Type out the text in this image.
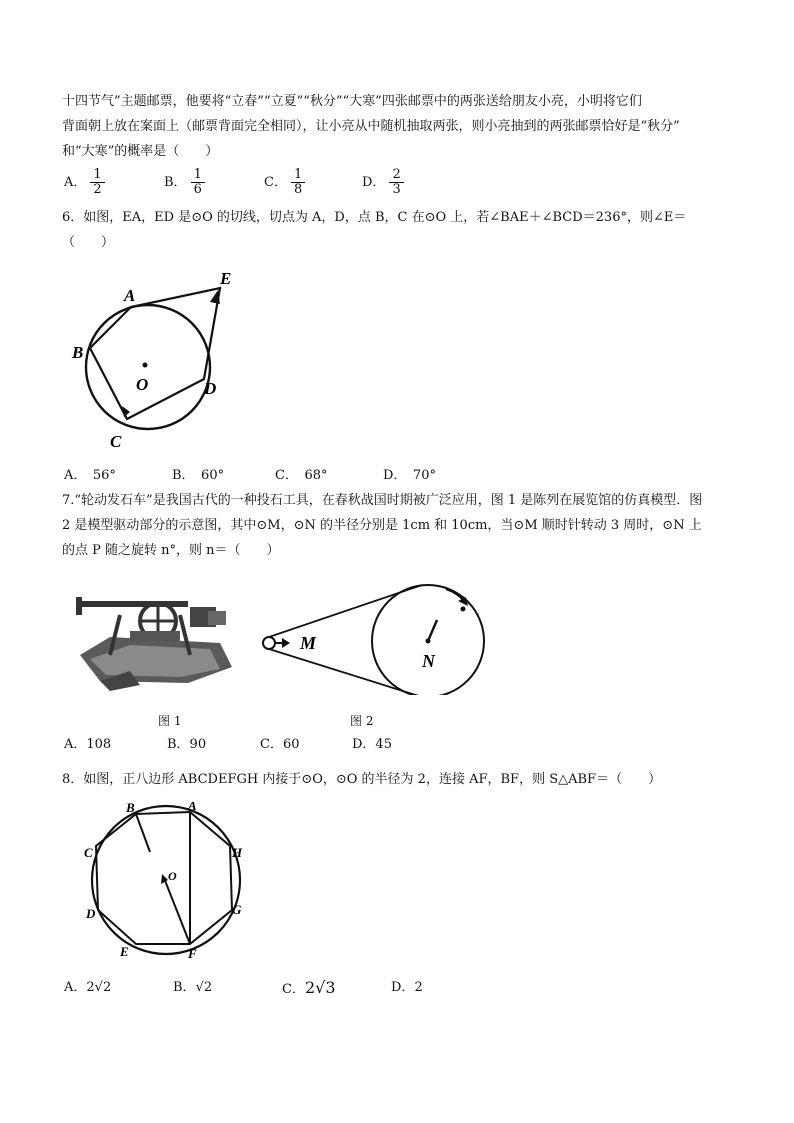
十四节气”主题邮票，他要将“立春”“立夏”“秋分”“大寒”四张邮票中的两张送给朋友小亮，小明将它们
背面朝上放在案面上（邮票背面完全相同），让小亮从中随机抽取两张，则小亮抽到的两张邮票恰好是“秋分”
和“大寒”的概率是（　　）
A． $\frac{1}{2}$	B． $\frac{1}{6}$	C． $\frac{1}{8}$	D． $\frac{2}{3}$
6．如图，EA，ED 是⊙O 的切线，切点为 A，D，点 B，C 在⊙O 上，若∠BAE＋∠BCD＝236°，则∠E＝
（　　）
A
B
C
D
E
O
A．　56°	B．　60°	C．　68°	D．　70°
7.“轮动发石车”是我国古代的一种投石工具，在春秋战国时期被广泛应用，图 1 是陈列在展览馆的仿真模型．图
2 是模型驱动部分的示意图，其中⊙M，⊙N 的半径分别是 1cm 和 10cm，当⊙M 顺时针转动 3 周时，⊙N 上
的点 P 随之旋转 n°，则 n＝（　　）
M
N
图 1	图 2
A．108	B．90	C．60	D．45
8．如图，正八边形 ABCDEFGH 内接于⊙O，⊙O 的半径为 2，连接 AF，BF，则 S△ABF＝（　　）
B	A
C	H
D	G
E	F
O
A．2√2	B．√2	C．2√3	D．2
